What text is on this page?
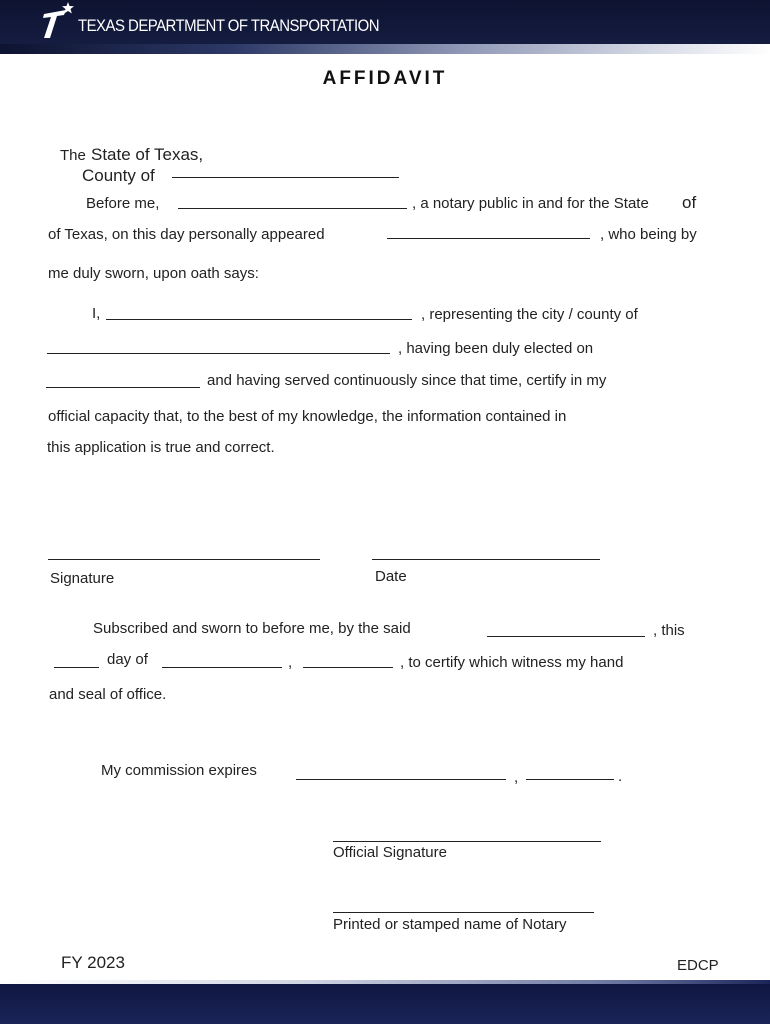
TEXAS DEPARTMENT OF TRANSPORTATION
AFFIDAVIT
The State of Texas,
County of
Before me,	, a notary public in and for the State of
of Texas, on this day personally appeared	, who being by
me duly sworn, upon oath says:
I,	, representing the city / county of
, having been duly elected on
and having served continuously since that time, certify in my
official capacity that, to the best of my knowledge, the information contained in
this application is true and correct.
Signature	Date
Subscribed and sworn to before me, by the said	, this
day of	,	, to certify which witness my hand
and seal of office.
My commission expires	,	.
Official Signature
Printed or stamped name of Notary
FY 2023	EDCP
